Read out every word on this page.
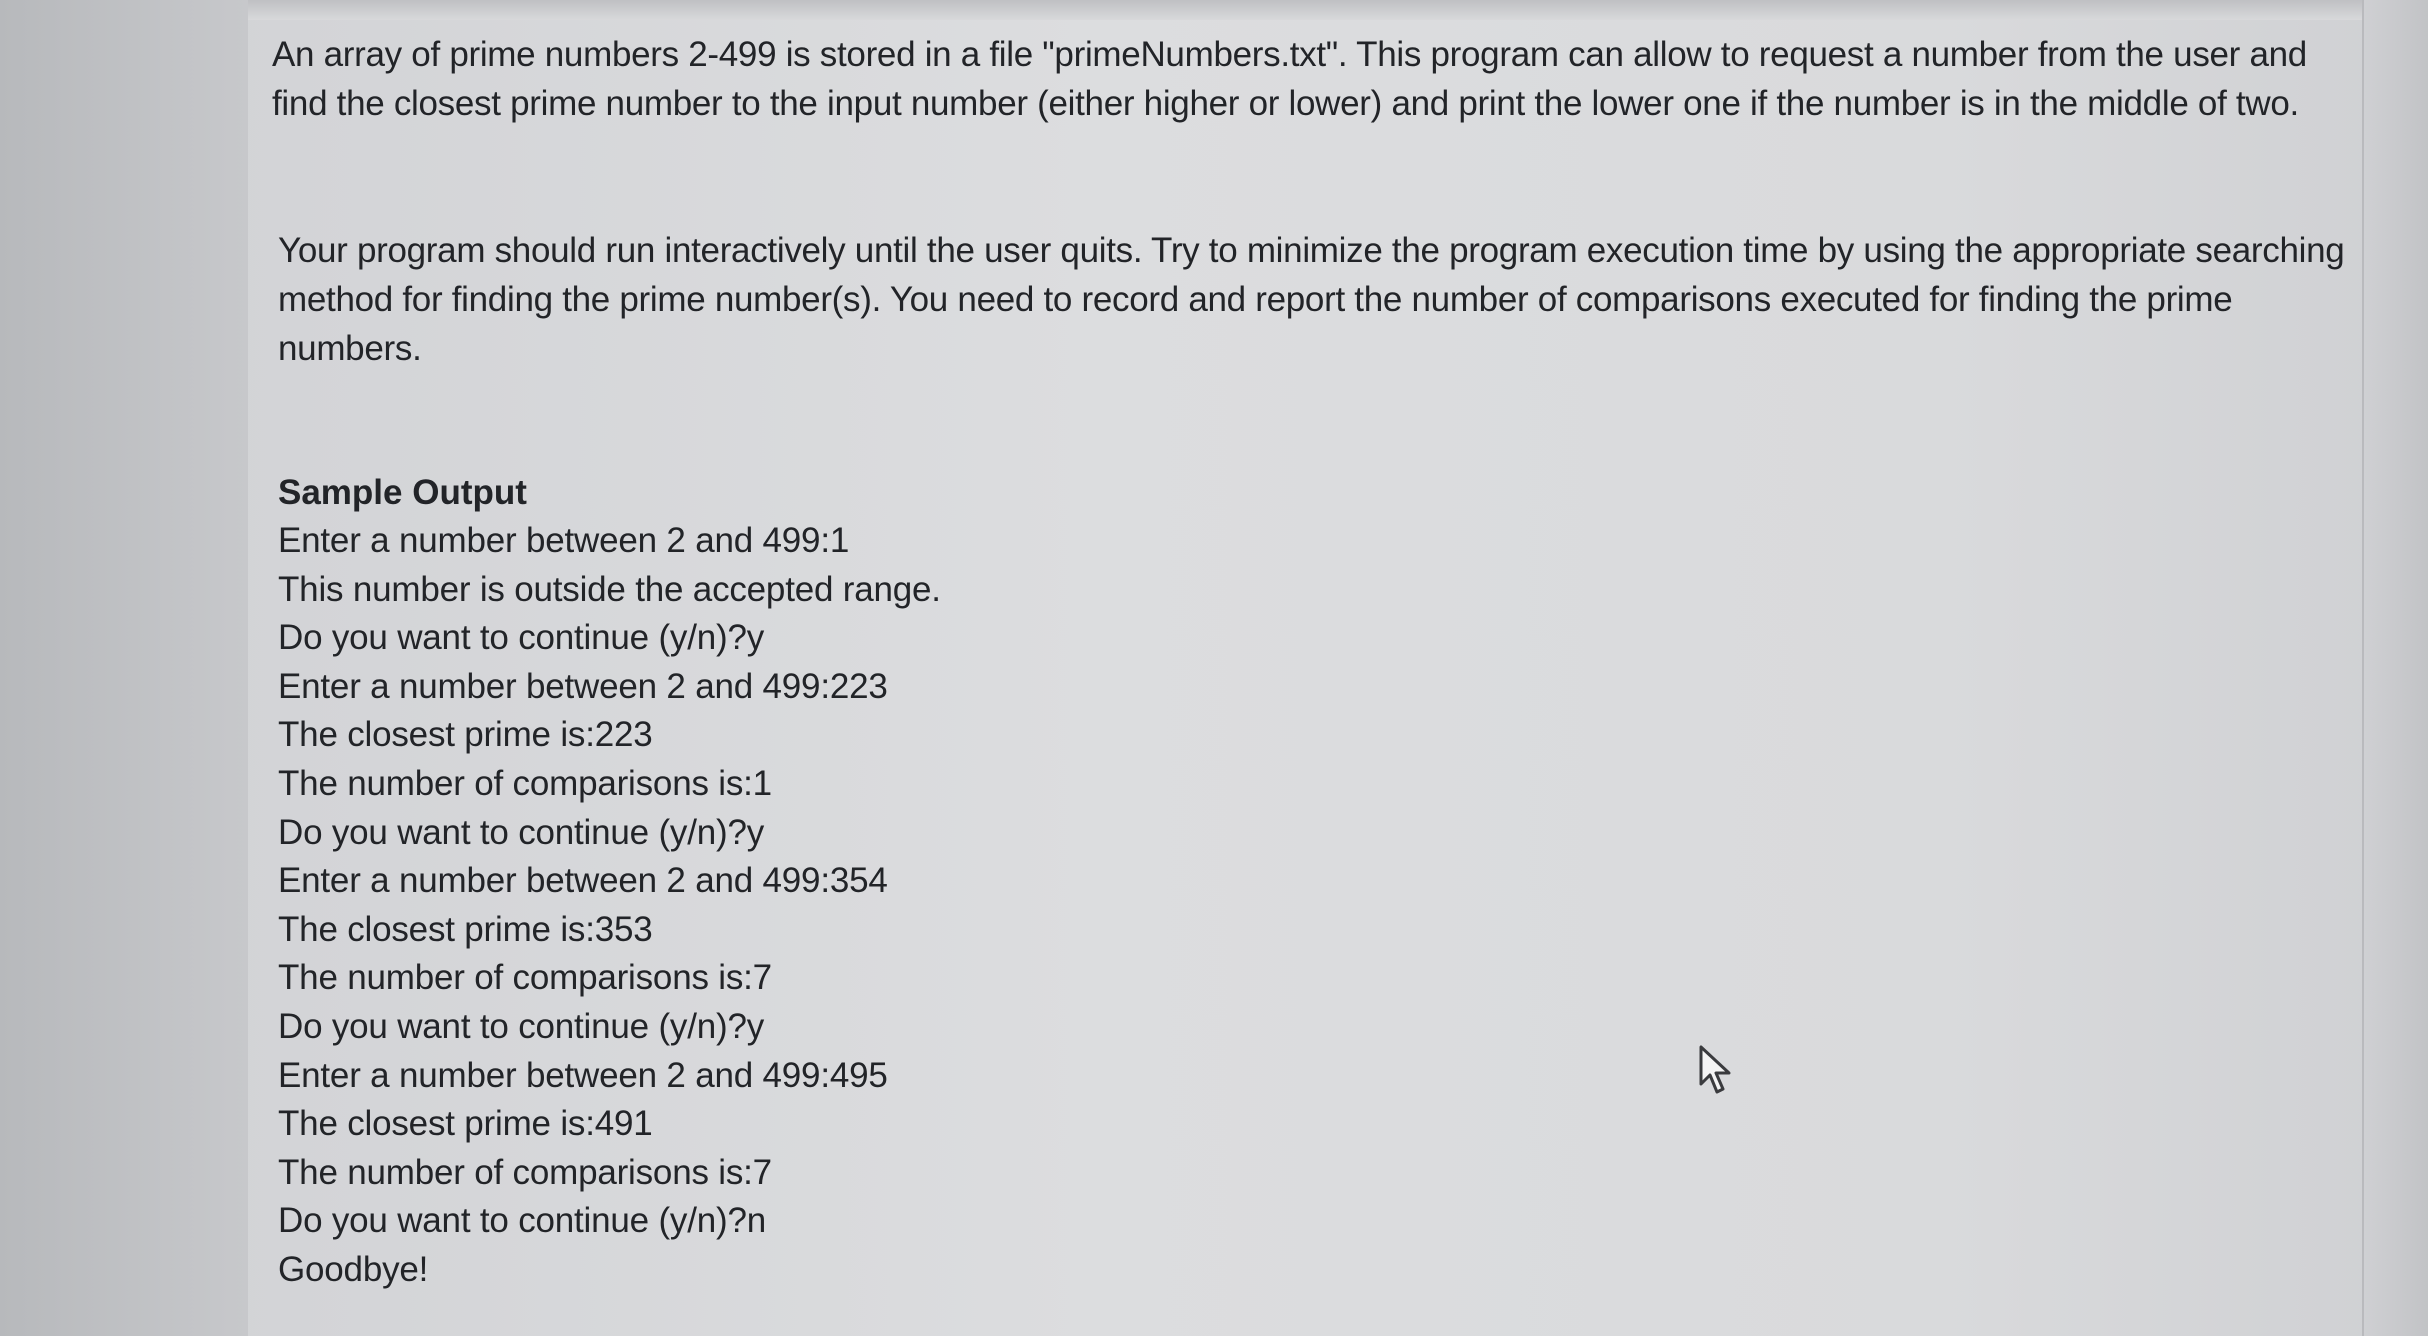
An array of prime numbers 2-499 is stored in a file "primeNumbers.txt". This program can allow to request a number from the user and find the closest prime number to the input number (either higher or lower) and print the lower one if the number is in the middle of two.

Your program should run interactively until the user quits. Try to minimize the program execution time by using the appropriate searching method for finding the prime number(s). You need to record and report the number of comparisons executed for finding the prime numbers.

Sample Output

Enter a number between 2 and 499:1

This number is outside the accepted range.

Do you want to continue (y/n)?y

Enter a number between 2 and 499:223

The closest prime is:223

The number of comparisons is:1

Do you want to continue (y/n)?y

Enter a number between 2 and 499:354

The closest prime is:353

The number of comparisons is:7

Do you want to continue (y/n)?y

Enter a number between 2 and 499:495

The closest prime is:491

The number of comparisons is:7

Do you want to continue (y/n)?n

Goodbye!
